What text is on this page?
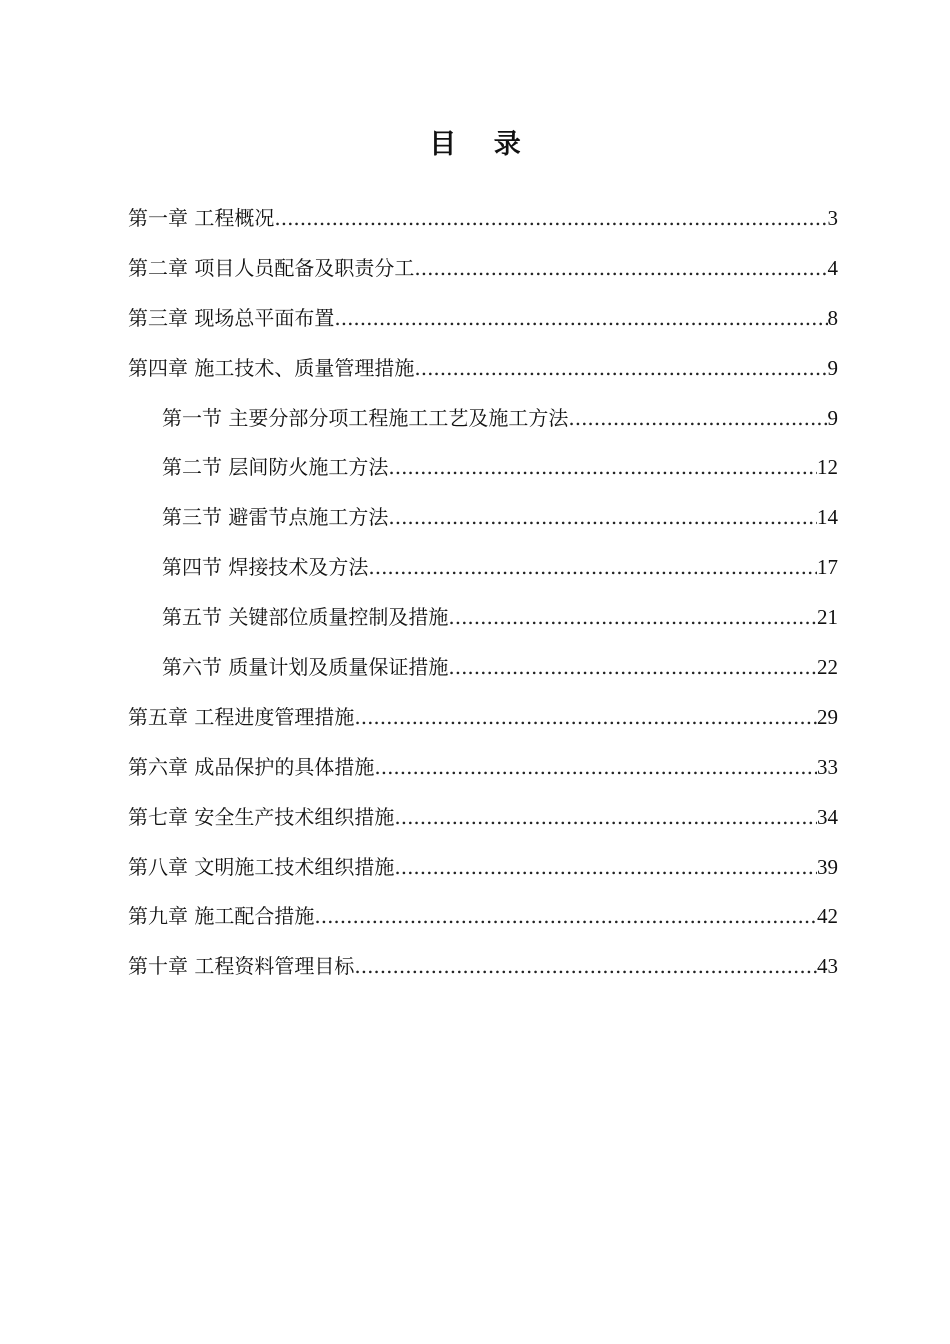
目 录
第一章 工程概况 .....	3
第二章 项目人员配备及职责分工 .....	4
第三章 现场总平面布置 .....	8
第四章 施工技术、质量管理措施 .....	9
第一节 主要分部分项工程施工工艺及施工方法 .....	9
第二节 层间防火施工方法 .....	12
第三节 避雷节点施工方法 .....	14
第四节 焊接技术及方法 .....	17
第五节 关键部位质量控制及措施 .....	21
第六节 质量计划及质量保证措施 .....	22
第五章 工程进度管理措施 .....	29
第六章 成品保护的具体措施 .....	33
第七章 安全生产技术组织措施 .....	34
第八章 文明施工技术组织措施 .....	39
第九章 施工配合措施 .....	42
第十章 工程资料管理目标 .....	43
